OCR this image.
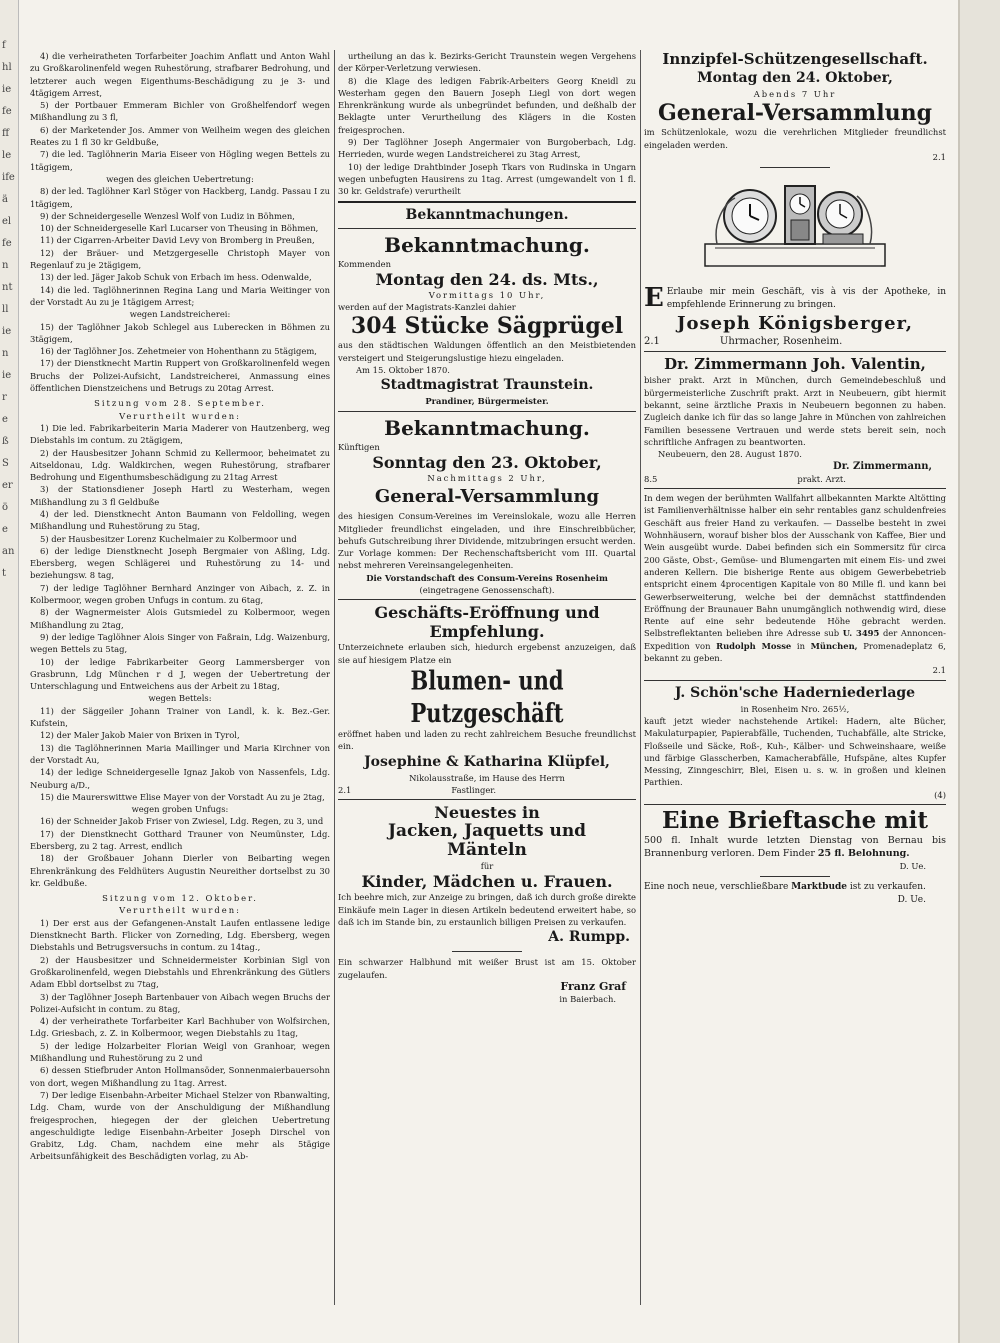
f
hl
ie
fe
ff
le
ife
ä
el
fe
n
nt
ll
ie
n
ie
r
e
ß
S
er
ö
e
an
t

4) die verheiratheten Torfarbeiter Joachim Anflatt und Anton Wahl zu Großkarolinenfeld wegen Ruhestörung, strafbarer Bedrohung, und letzterer auch wegen Eigenthums-Beschädigung zu je 3- und 4tägigem Arrest,

5) der Portbauer Emmeram Bichler von Großhelfendorf wegen Mißhandlung zu 3 fl,

6) der Marketender Jos. Ammer von Weilheim wegen des gleichen Reates zu 1 fl 30 kr Geldbuße,

7) die led. Taglöhnerin Maria Eiseer von Högling wegen Bettels zu 1tägigem,

wegen des gleichen Uebertretung:

8) der led. Taglöhner Karl Stöger von Hackberg, Landg. Passau I zu 1tägigem,

9) der Schneidergeselle Wenzesl Wolf von Ludiz in Böhmen,

10) der Schneidergeselle Karl Lucarser von Theusing in Böhmen,

11) der Cigarren-Arbeiter David Levy von Bromberg in Preußen,

12) der Bräuer- und Metzgergeselle Christoph Mayer von Regenlauf zu je 2tägigem,

13) der led. Jäger Jakob Schuk von Erbach im hess. Odenwalde,

14) die led. Taglöhnerinnen Regina Lang und Maria Weitinger von der Vorstadt Au zu je 1tägigem Arrest;

wegen Landstreicherei:

15) der Taglöhner Jakob Schlegel aus Luberecken in Böhmen zu 3tägigem,

16) der Taglöhner Jos. Zehetmeier von Hohenthann zu 5tägigem,

17) der Dienstknecht Martin Ruppert von Großkarolinenfeld wegen Bruchs der Polizei-Aufsicht, Landstreicherei, Anmassung eines öffentlichen Dienstzeichens und Betrugs zu 20tag Arrest.

Sitzung vom 28. September.

Verurtheilt wurden:

1) Die led. Fabrikarbeiterin Maria Maderer von Hautzenberg, weg Diebstahls im contum. zu 2tägigem,

2) der Hausbesitzer Johann Schmid zu Kellermoor, beheimatet zu Aitseldonau, Ldg. Waldkirchen, wegen Ruhestörung, strafbarer Bedrohung und Eigenthumsbeschädigung zu 21tag Arrest

3) der Stationsdiener Joseph Hartl zu Westerham, wegen Mißhandlung zu 3 fl Geldbuße

4) der led. Dienstknecht Anton Baumann von Feldolling, wegen Mißhandlung und Ruhestörung zu 5tag,

5) der Hausbesitzer Lorenz Kuchelmaier zu Kolbermoor und

6) der ledige Dienstknecht Joseph Bergmaier von Aßling, Ldg. Ebersberg, wegen Schlägerei und Ruhestörung zu 14- und beziehungsw. 8 tag,

7) der ledige Taglöhner Bernhard Anzinger von Aibach, z. Z. in Kolbermoor, wegen groben Unfugs in contum. zu 6tag,

8) der Wagnermeister Alois Gutsmiedel zu Kolbermoor, wegen Mißhandlung zu 2tag,

9) der ledige Taglöhner Alois Singer von Faßrain, Ldg. Waizenburg, wegen Bettels zu 5tag,

10) der ledige Fabrikarbeiter Georg Lammersberger von Grasbrunn, Ldg München r d J, wegen der Uebertretung der Unterschlagung und Entweichens aus der Arbeit zu 18tag,

wegen Bettels:

11) der Säggeiler Johann Trainer von Landl, k. k. Bez.-Ger. Kufstein,

12) der Maler Jakob Maier von Brixen in Tyrol,

13) die Taglöhnerinnen Maria Maillinger und Maria Kirchner von der Vorstadt Au,

14) der ledige Schneidergeselle Ignaz Jakob von Nassenfels, Ldg. Neuburg a/D.,

15) die Maurerswittwe Elise Mayer von der Vorstadt Au zu je 2tag,

wegen groben Unfugs:

16) der Schneider Jakob Friser von Zwiesel, Ldg. Regen, zu 3, und

17) der Dienstknecht Gotthard Trauner von Neumünster, Ldg. Ebersberg, zu 2 tag. Arrest, endlich

18) der Großbauer Johann Dierler von Beibarting wegen Ehrenkränkung des Feldhüters Augustin Neureither dortselbst zu 30 kr. Geldbuße.

Sitzung vom 12. Oktober.

Verurtheilt wurden:

1) Der erst aus der Gefangenen-Anstalt Laufen entlassene ledige Dienstknecht Barth. Flicker von Zorneding, Ldg. Ebersberg, wegen Diebstahls und Betrugsversuchs in contum. zu 14tag.,

2) der Hausbesitzer und Schneidermeister Korbinian Sigl von Großkarolinenfeld, wegen Diebstahls und Ehrenkränkung des Gütlers Adam Ebbl dortselbst zu 7tag,

3) der Taglöhner Joseph Bartenbauer von Aibach wegen Bruchs der Polizei-Aufsicht in contum. zu 8tag,

4) der verheirathete Torfarbeiter Karl Bachhuber von Wolfsirchen, Ldg. Griesbach, z. Z. in Kolbermoor, wegen Diebstahls zu 1tag,

5) der ledige Holzarbeiter Florian Weigl von Granhoar, wegen Mißhandlung und Ruhestörung zu 2 und

6) dessen Stiefbruder Anton Hollmansöder, Sonnenmaierbauersohn von dort, wegen Mißhandlung zu 1tag. Arrest.

7) Der ledige Eisenbahn-Arbeiter Michael Stelzer von Rbanwalting, Ldg. Cham, wurde von der Anschuldigung der Mißhandlung freigesprochen, hiegegen der der gleichen Uebertretung angeschuldigte ledige Eisenbahn-Arbeiter Joseph Dirschel von Grabitz, Ldg. Cham, nachdem eine mehr als 5tägige Arbeitsunfähigkeit des Beschädigten vorlag, zu Ab-

urtheilung an das k. Bezirks-Gericht Traunstein wegen Vergehens der Körper-Verletzung verwiesen.

8) die Klage des ledigen Fabrik-Arbeiters Georg Kneidl zu Westerham gegen den Bauern Joseph Liegl von dort wegen Ehrenkränkung wurde als unbegründet befunden, und deßhalb der Beklagte unter Verurtheilung des Klägers in die Kosten freigesprochen.

9) Der Taglöhner Joseph Angermaier von Burgoberbach, Ldg. Herrieden, wurde wegen Landstreicherei zu 3tag Arrest,

10) der ledige Drahtbinder Joseph Tkars von Rudinska in Ungarn wegen unbefugten Hausirens zu 1tag. Arrest (umgewandelt von 1 fl. 30 kr. Geldstrafe) verurtheilt

Bekanntmachungen.

Bekanntmachung.

Kommenden

Montag den 24. ds. Mts.,

Vormittags 10 Uhr,

werden auf der Magistrats-Kanzlei dahier

304 Stücke Sägprügel

aus den städtischen Waldungen öffentlich an den Meistbietenden versteigert und Steigerungslustige hiezu eingeladen.

Am 15. Oktober 1870.

Stadtmagistrat Traunstein.

Prandiner, Bürgermeister.

Bekanntmachung.

Künftigen

Sonntag den 23. Oktober,

Nachmittags 2 Uhr,

General-Versammlung

des hiesigen Consum-Vereines im Vereinslokale, wozu alle Herren Mitglieder freundlichst eingeladen, und ihre Einschreibbücher, behufs Gutschreibung ihrer Dividende, mitzubringen ersucht werden.

Zur Vorlage kommen: Der Rechenschaftsbericht vom III. Quartal nebst mehreren Vereinsangelegenheiten.

Die Vorstandschaft des Consum-Vereins Rosenheim

(eingetragene Genossenschaft).

Geschäfts-Eröffnung und

Empfehlung.

Unterzeichnete erlauben sich, hiedurch ergebenst anzuzeigen, daß sie auf hiesigem Platze ein

Blumen- und Putzgeschäft

eröffnet haben und laden zu recht zahlreichem Besuche freundlichst ein.

Josephine & Katharina Klüpfel,

Nikolausstraße, im Hause des Herrn

2.1	Fastlinger.

Neuestes in

Jacken, Jaquetts und

Mänteln

für

Kinder, Mädchen u. Frauen.

Ich beehre mich, zur Anzeige zu bringen, daß ich durch große direkte Einkäufe mein Lager in diesen Artikeln bedeutend erweitert habe, so daß ich im Stande bin, zu erstaunlich billigen Preisen zu verkaufen.

A. Rumpp.

Ein schwarzer Halbhund mit weißer Brust ist am 15. Oktober zugelaufen.

Franz Graf

in Baierbach.

Innzipfel-Schützengesellschaft.

Montag den 24. Oktober,

Abends 7 Uhr

General-Versammlung

im Schützenlokale, wozu die verehrlichen Mitglieder freundlichst eingeladen werden.

2.1

E Erlaube mir mein Geschäft, vis à vis der Apotheke, in empfehlende Erinnerung zu bringen.

Joseph Königsberger,

2.1	Uhrmacher, Rosenheim.

Dr. Zimmermann Joh. Valentin,

bisher prakt. Arzt in München, durch Gemeindebeschluß und bürgermeisterliche Zuschrift prakt. Arzt in Neubeuern, gibt hiermit bekannt, seine ärztliche Praxis in Neubeuern begonnen zu haben. Zugleich danke ich für das so lange Jahre in München von zahlreichen Familien besessene Vertrauen und werde stets bereit sein, noch schriftliche Anfragen zu beantworten.

Neubeuern, den 28. August 1870.

Dr. Zimmermann,

8.5	prakt. Arzt.

In dem wegen der berühmten Wallfahrt allbekannten Markte Altötting ist Familienverhältnisse halber ein sehr rentables ganz schuldenfreies Geschäft aus freier Hand zu verkaufen. — Dasselbe besteht in zwei Wohnhäusern, worauf bisher blos der Ausschank von Kaffee, Bier und Wein ausgeübt wurde. Dabei befinden sich ein Sommersitz für circa 200 Gäste, Obst-, Gemüse- und Blumengarten mit einem Eis- und zwei anderen Kellern. Die bisherige Rente aus obigem Gewerbebetrieb entspricht einem 4procentigen Kapitale von 80 Mille fl. und kann bei Gewerbserweiterung, welche bei der demnächst stattfindenden Eröffnung der Braunauer Bahn unumgänglich nothwendig wird, diese Rente auf eine sehr bedeutende Höhe gebracht werden. Selbstreflektanten belieben ihre Adresse sub U. 3495 der Annoncen-Expedition von Rudolph Mosse in München, Promenadeplatz 6, bekannt zu geben.

2.1

J. Schön'sche Haderniederlage

in Rosenheim Nro. 265½,

kauft jetzt wieder nachstehende Artikel: Hadern, alte Bücher, Makulaturpapier, Papierabfälle, Tuchenden, Tuchabfälle, alte Stricke, Floßseile und Säcke, Roß-, Kuh-, Kälber- und Schweinshaare, weiße und färbige Glasscherben, Kamacherabfälle, Hufspäne, altes Kupfer Messing, Zinngeschirr, Blei, Eisen u. s. w. in großen und kleinen Parthien.

(4)

Eine Brieftasche mit

500 fl. Inhalt wurde letzten Dienstag von Bernau bis Brannenburg verloren. Dem Finder 25 fl. Belohnung.

D. Ue.

Eine noch neue, verschließbare Marktbude ist zu verkaufen.
D. Ue.
